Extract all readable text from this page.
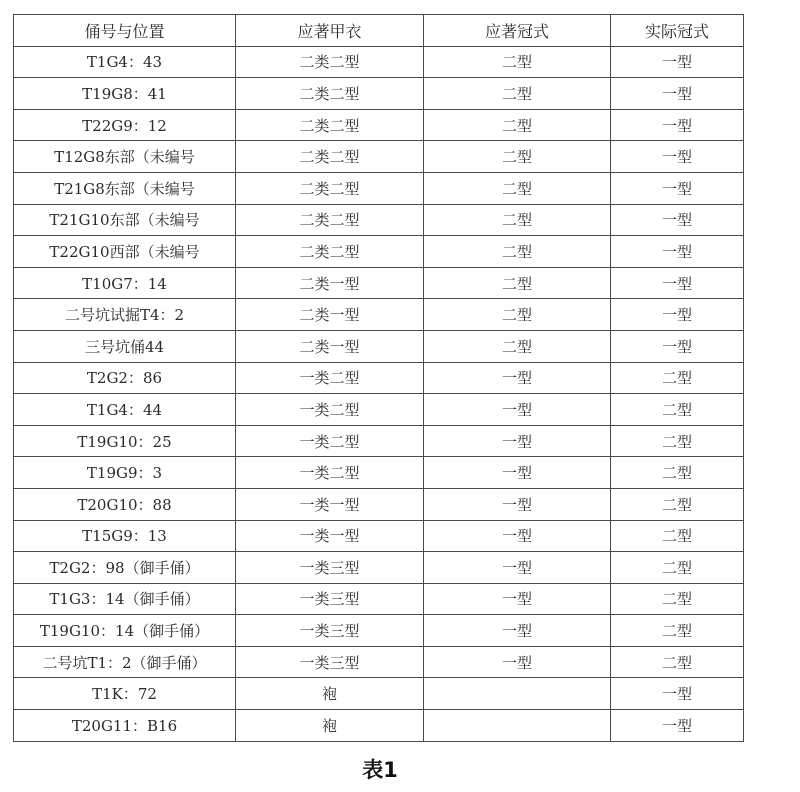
俑号与位置	应著甲衣	应著冠式	实际冠式
T1G4：43	二类二型	二型	一型
T19G8：41	二类二型	二型	一型
T22G9：12	二类二型	二型	一型
T12G8东部（未编号	二类二型	二型	一型
T21G8东部（未编号	二类二型	二型	一型
T21G10东部（未编号	二类二型	二型	一型
T22G10西部（未编号	二类二型	二型	一型
T10G7：14	二类一型	二型	一型
二号坑试掘T4：2	二类一型	二型	一型
三号坑俑44	二类一型	二型	一型
T2G2：86	一类二型	一型	二型
T1G4：44	一类二型	一型	二型
T19G10：25	一类二型	一型	二型
T19G9：3	一类二型	一型	二型
T20G10：88	一类一型	一型	二型
T15G9：13	一类一型	一型	二型
T2G2：98（御手俑）	一类三型	一型	二型
T1G3：14（御手俑）	一类三型	一型	二型
T19G10：14（御手俑）	一类三型	一型	二型
二号坑T1：2（御手俑）	一类三型	一型	二型
T1K：72	袍		一型
T20G11：B16	袍		一型
表1
